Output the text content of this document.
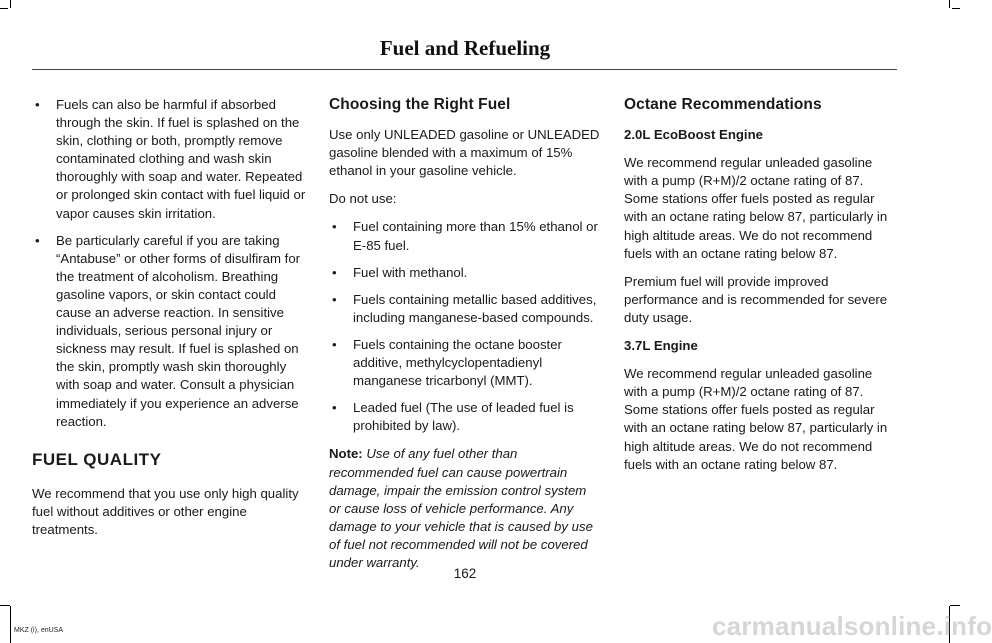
Fuel and Refueling
• Fuels can also be harmful if absorbed through the skin. If fuel is splashed on the skin, clothing or both, promptly remove contaminated clothing and wash skin thoroughly with soap and water. Repeated or prolonged skin contact with fuel liquid or vapor causes skin irritation.
• Be particularly careful if you are taking “Antabuse” or other forms of disulfiram for the treatment of alcoholism. Breathing gasoline vapors, or skin contact could cause an adverse reaction. In sensitive individuals, serious personal injury or sickness may result. If fuel is splashed on the skin, promptly wash skin thoroughly with soap and water. Consult a physician immediately if you experience an adverse reaction.
FUEL QUALITY

We recommend that you use only high quality fuel without additives or other engine treatments.

Choosing the Right Fuel

Use only UNLEADED gasoline or UNLEADED gasoline blended with a maximum of 15% ethanol in your gasoline vehicle.

Do not use:

• Fuel containing more than 15% ethanol or E-85 fuel.
• Fuel with methanol.
• Fuels containing metallic based additives, including manganese-based compounds.
• Fuels containing the octane booster additive, methylcyclopentadienyl manganese tricarbonyl (MMT).
• Leaded fuel (The use of leaded fuel is prohibited by law).

Note: Use of any fuel other than recommended fuel can cause powertrain damage, impair the emission control system or cause loss of vehicle performance. Any damage to your vehicle that is caused by use of fuel not recommended will not be covered under warranty.

Octane Recommendations
2.0L EcoBoost Engine

We recommend regular unleaded gasoline with a pump (R+M)/2 octane rating of 87. Some stations offer fuels posted as regular with an octane rating below 87, particularly in high altitude areas. We do not recommend fuels with an octane rating below 87.

Premium fuel will provide improved performance and is recommended for severe duty usage.

3.7L Engine

We recommend regular unleaded gasoline with a pump (R+M)/2 octane rating of 87. Some stations offer fuels posted as regular with an octane rating below 87, particularly in high altitude areas. We do not recommend fuels with an octane rating below 87.

162
MKZ (i), enUSA	carmanualsonline.info
